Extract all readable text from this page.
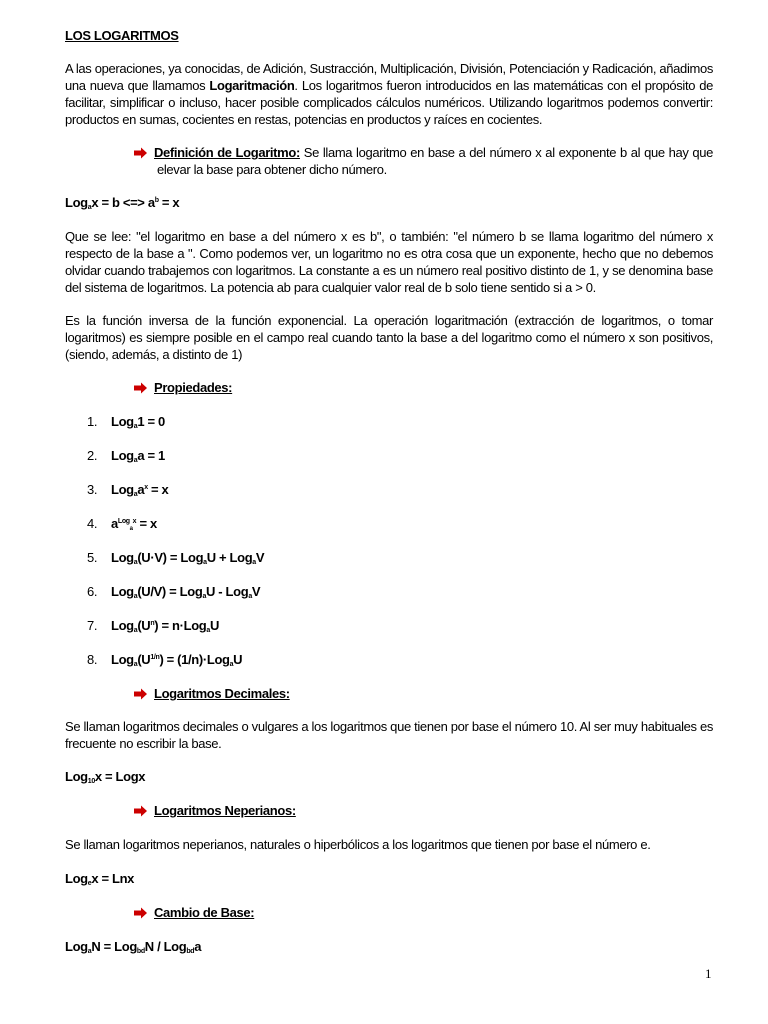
LOS LOGARITMOS

A las operaciones, ya conocidas, de Adición, Sustracción, Multiplicación, División, Potenciación y Radicación, añadimos una nueva que llamamos Logaritmación. Los logaritmos fueron introducidos en las matemáticas con el propósito de facilitar, simplificar o incluso, hacer posible complicados cálculos numéricos. Utilizando logaritmos podemos convertir: productos en sumas, cocientes en restas, potencias en productos y raíces en cocientes.

Definición de Logaritmo: Se llama logaritmo en base a del número x al exponente b al que hay que elevar la base para obtener dicho número.

Log$_a$x = b <=> $a^b = x$

Que se lee: "el logaritmo en base a del número x es b", o también: "el número b se llama logaritmo del número x respecto de la base a ". Como podemos ver, un logaritmo no es otra cosa que un exponente, hecho que no debemos olvidar cuando trabajemos con logaritmos. La constante a es un número real positivo distinto de 1, y se denomina base del sistema de logaritmos. La potencia ab para cualquier valor real de b solo tiene sentido si a > 0.

Es la función inversa de la función exponencial. La operación logaritmación (extracción de logaritmos, o tomar logaritmos) es siempre posible en el campo real cuando tanto la base a del logaritmo como el número x son positivos, (siendo, además, a distinto de 1)

Propiedades:

1. Log$_a$1 = 0
2. Log$_a$a = 1
3. $Log_aa^x = x$
4. $a^{Logax} = x$
5. Log$_a$(U·V) = Log$_a$U + Log$_a$V
6. Log$_a$(U/V) = Log$_a$U - Log$_a$V
7. $Log_a(U^n) = n\cdot Log_aU$
8. $Log_a(U^{1/n}) = (1/n)\cdot Log_aU$

Logaritmos Decimales:

Se llaman logaritmos decimales o vulgares a los logaritmos que tienen por base el número 10. Al ser muy habituales es frecuente no escribir la base.

Log$_{10}$x = Logx

Logaritmos Neperianos:

Se llaman logaritmos neperianos, naturales o hiperbólicos a los logaritmos que tienen por base el número e.

Log$_e$x = Lnx

Cambio de Base:

Log$_a$N = Log$_{bd}$N / Log$_{bd}$a

1
